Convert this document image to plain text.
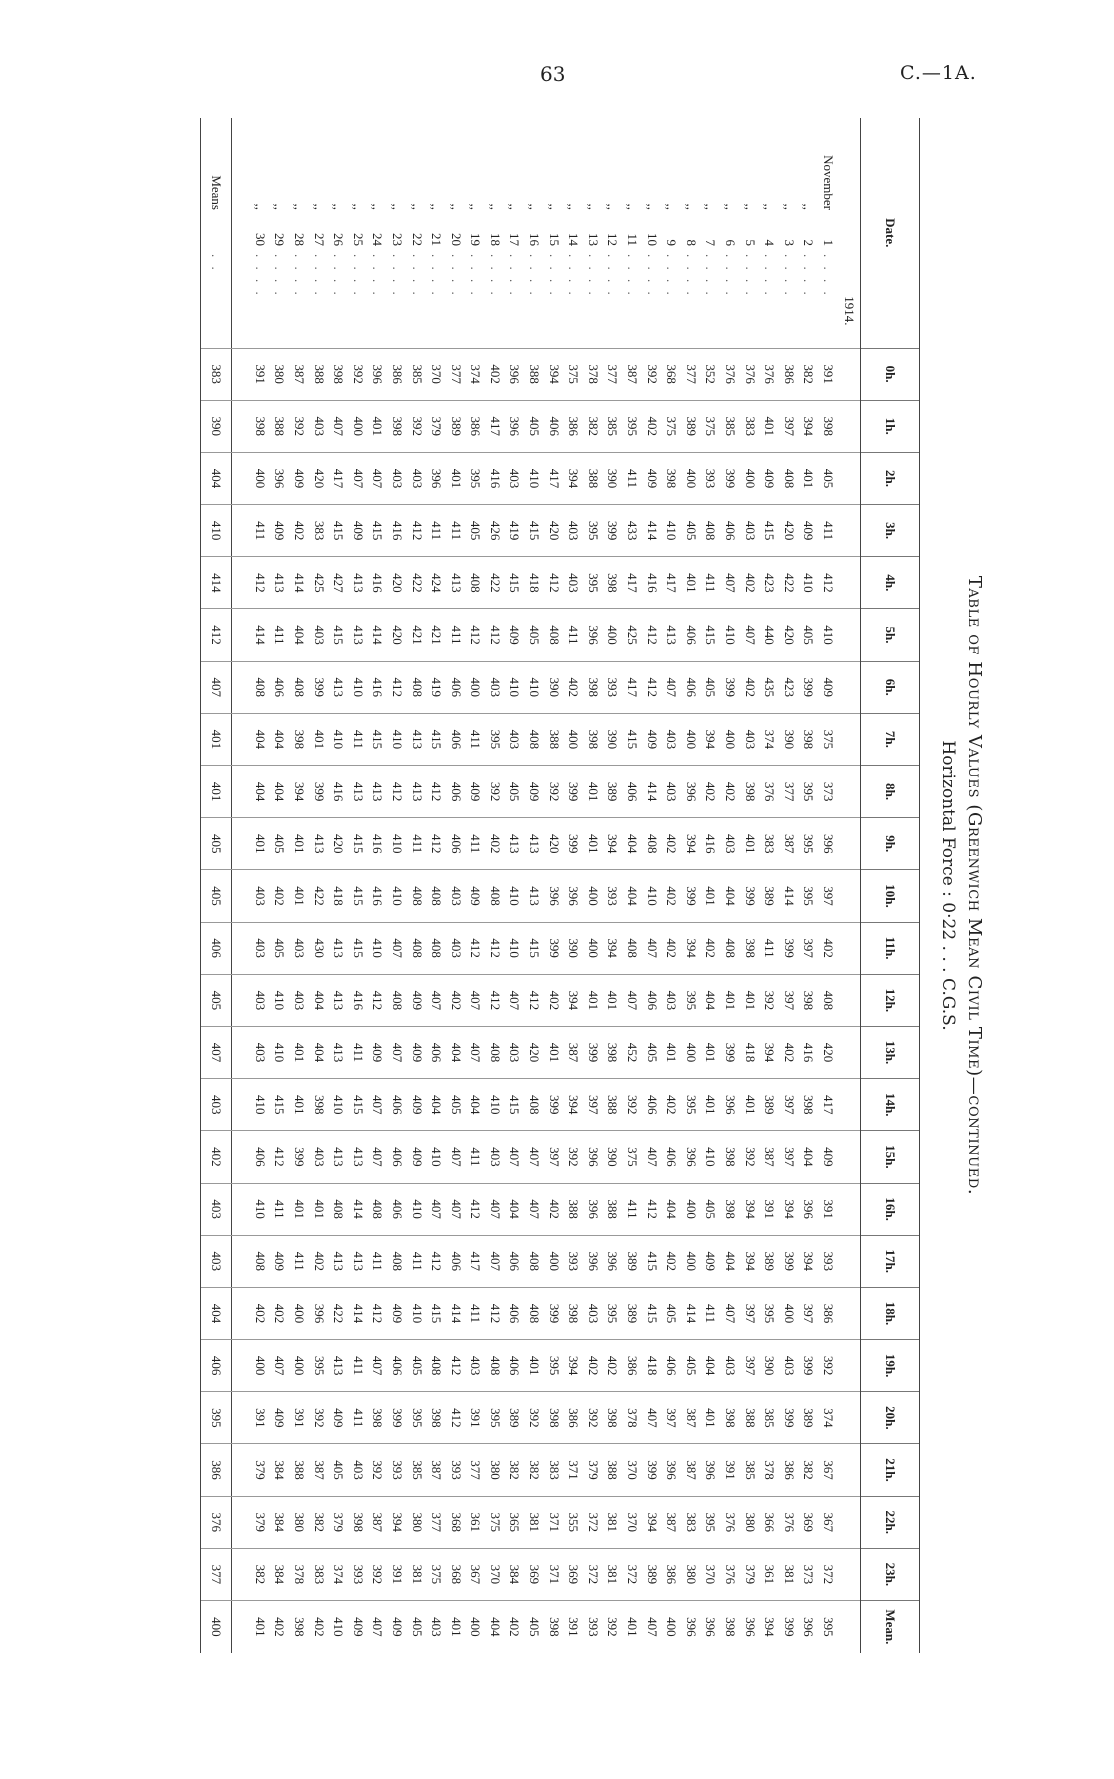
63	C.—1A.
Table of Hourly Values (Greenwich Mean Civil Time)—continued.
Horizontal Force : 0·22 . . . C.G.S.
Date.	0h.	1h.	2h.	3h.	4h.	5h.	6h.	7h.	8h.	9h.	10h.	11h.	12h.	13h.	14h.	15h.	16h.	17h.	18h.	19h.	20h.	21h.	22h.	23h.	Mean.
1914.																									
November1. . . .	391	398	405	411	412	410	409	375	373	396	397	402	408	420	417	409	391	393	386	392	374	367	367	372	395
,,2. . . .	382	394	401	409	410	405	399	398	395	395	395	397	398	416	398	404	396	394	397	399	389	382	369	373	396
,,3. . . .	386	397	408	420	422	420	423	390	377	387	414	399	397	402	397	397	394	399	400	403	399	386	376	381	399
,,4. . . .	376	401	409	415	423	440	435	374	376	383	389	411	392	394	389	387	391	389	395	390	385	378	366	361	394
,,5. . . .	376	383	400	403	402	407	402	403	398	401	399	398	401	418	401	392	394	394	397	397	388	385	380	379	396
,,6. . . .	376	385	399	406	407	410	399	400	402	403	404	408	401	399	396	398	398	404	407	403	398	391	376	376	398
,,7. . . .	352	375	393	408	411	415	405	394	402	416	401	402	404	401	401	410	405	409	411	404	401	396	395	370	396
,,8. . . .	377	389	400	405	401	406	406	400	396	394	399	394	395	400	395	396	400	400	414	405	387	387	383	380	396
,,9. . . .	368	375	398	410	417	413	407	403	403	402	402	402	403	401	402	406	404	402	405	406	397	396	387	386	400
,,10. . . .	392	402	409	414	416	412	412	409	414	408	410	407	406	405	406	407	412	415	415	418	407	399	394	389	407
,,11. . . .	387	395	411	433	417	425	417	415	406	404	404	408	407	452	392	375	411	389	389	386	378	370	370	372	401
,,12. . . .	377	385	390	399	398	400	393	390	389	394	393	394	401	398	388	390	388	396	395	402	398	388	381	381	392
,,13. . . .	378	382	388	395	395	396	398	398	401	401	400	400	401	399	397	396	396	396	403	402	392	379	372	372	393
,,14. . . .	375	386	394	403	403	411	402	400	399	399	396	390	394	387	394	392	388	393	398	394	386	371	355	369	391
,,15. . . .	394	406	417	420	412	408	390	388	392	420	396	399	402	401	399	397	402	400	399	395	398	383	371	371	398
,,16. . . .	388	405	410	415	418	405	410	408	409	413	413	415	412	420	408	407	407	408	408	401	392	382	381	369	405
,,17. . . .	396	396	403	419	415	409	410	403	405	413	410	410	407	403	415	407	404	406	406	406	389	382	365	384	402
,,18. . . .	402	417	416	426	422	412	403	395	392	402	408	412	412	408	410	403	407	407	412	408	395	380	375	370	404
,,19. . . .	374	386	395	405	408	412	400	411	409	411	409	412	407	407	404	411	412	417	411	403	391	377	361	367	400
,,20. . . .	377	389	401	411	413	411	406	406	406	406	403	403	402	404	405	407	407	406	414	412	412	393	368	368	401
,,21. . . .	370	379	396	411	424	421	419	415	412	412	408	408	407	406	404	410	407	412	415	408	398	387	377	375	403
,,22. . . .	385	392	403	412	422	421	408	413	413	411	408	408	409	409	409	409	410	411	410	405	395	385	380	381	405
,,23. . . .	386	398	403	416	420	420	412	410	412	410	410	407	408	407	406	406	406	408	409	406	399	393	394	391	409
,,24. . . .	396	401	407	415	416	414	416	415	413	416	416	410	412	409	407	407	408	411	412	407	398	392	387	392	407
,,25. . . .	392	400	407	409	413	413	410	411	413	415	415	415	416	411	415	413	414	413	414	411	411	403	398	393	409
,,26. . . .	398	407	417	415	427	415	413	410	416	420	418	413	413	413	410	413	408	413	422	413	409	405	379	374	410
,,27. . . .	388	403	420	383	425	403	399	401	399	413	422	430	404	404	398	403	401	402	396	395	392	387	382	383	402
,,28. . . .	387	392	409	402	414	404	408	398	394	401	401	403	403	401	401	399	401	411	400	400	391	388	380	378	398
,,29. . . .	380	388	396	409	413	411	406	404	404	405	402	405	410	410	415	412	411	409	402	407	409	384	384	384	402
,,30. . . .	391	398	400	411	412	414	408	404	404	401	403	403	403	403	410	406	410	408	402	400	391	379	379	382	401

Means. .	383	390	404	410	414	412	407	401	401	405	405	406	405	407	403	402	403	403	404	406	395	386	376	377	400
